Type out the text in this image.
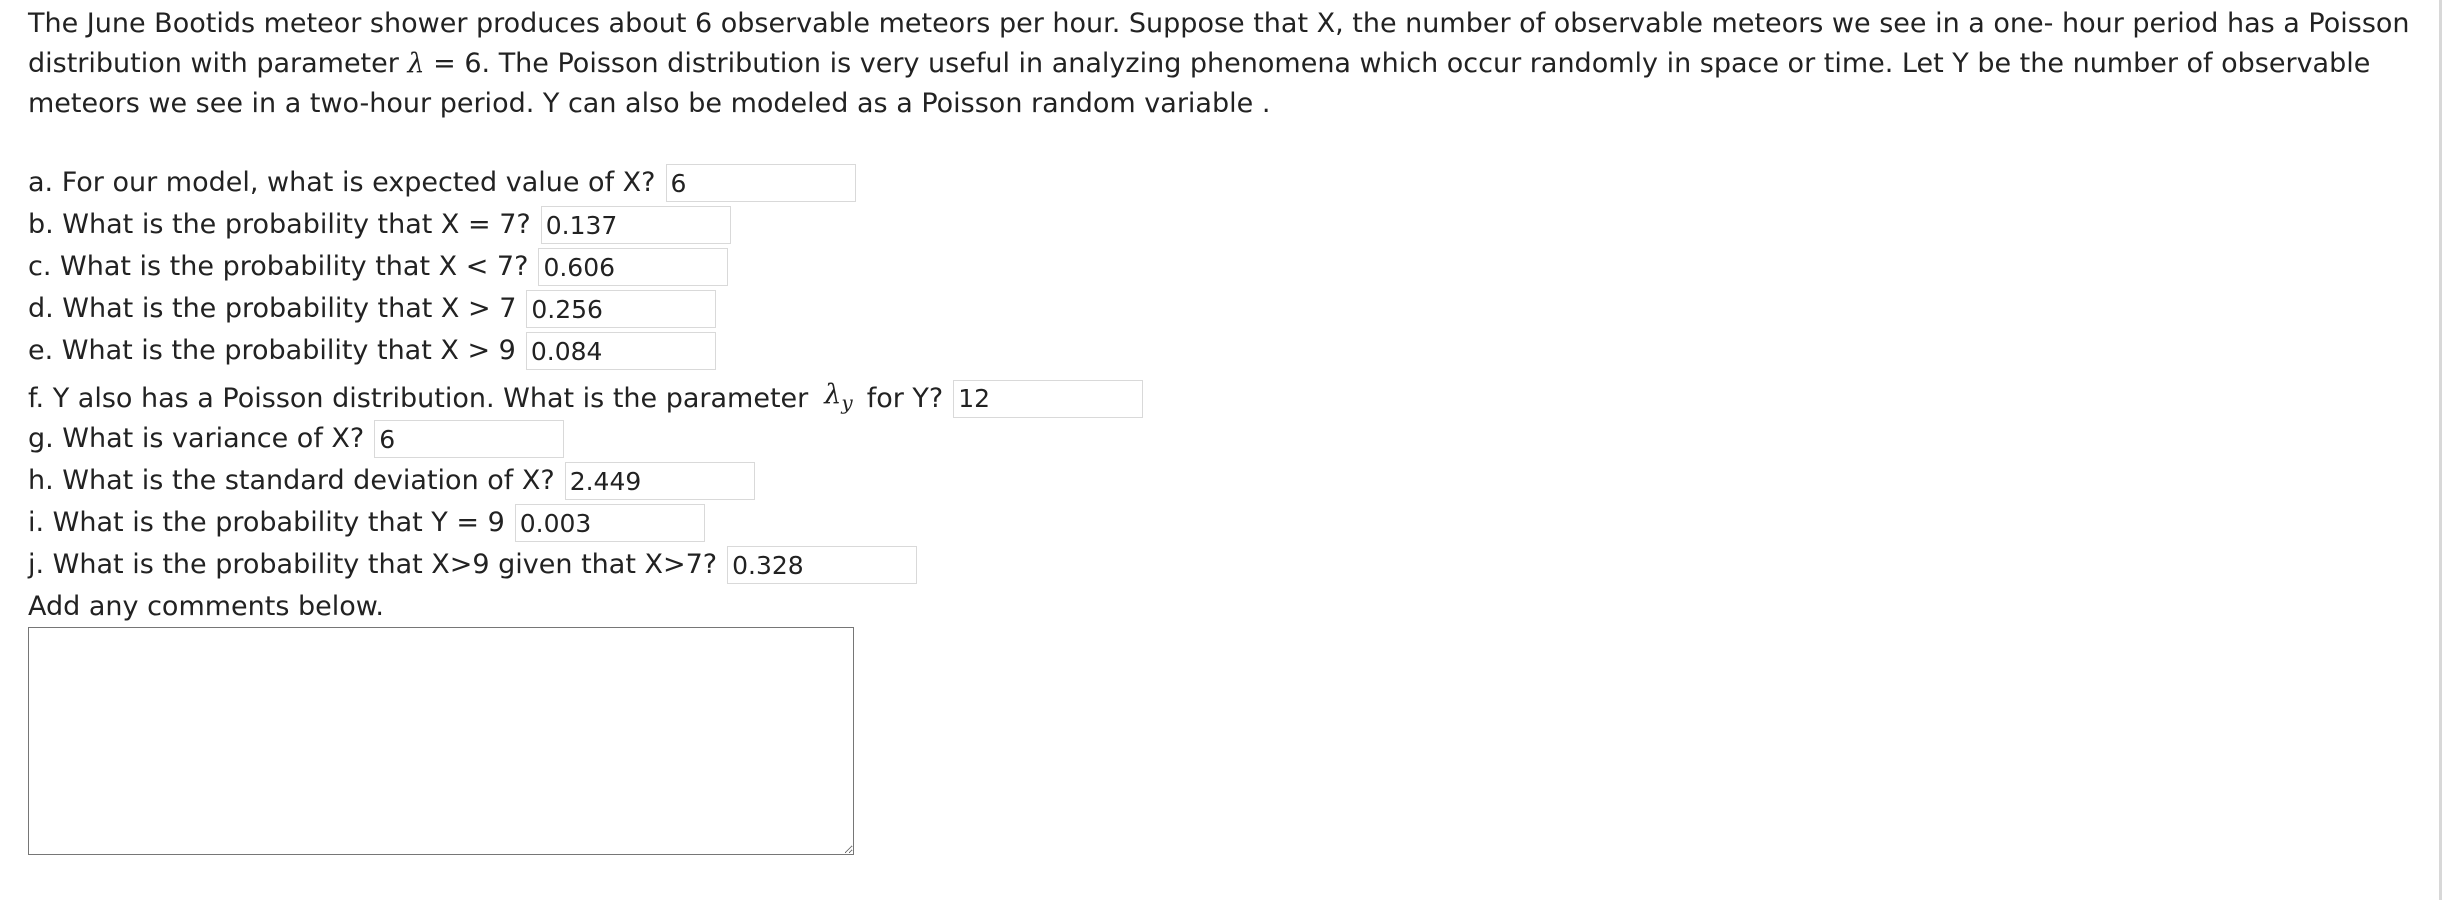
The June Bootids meteor shower produces about 6 observable meteors per hour. Suppose that X, the number of observable meteors we see in a one- hour period has a Poisson distribution with parameter λ = 6. The Poisson distribution is very useful in analyzing phenomena which occur randomly in space or time. Let Y be the number of observable meteors we see in a two-hour period. Y can also be modeled as a Poisson random variable .

a. For our model, what is expected value of X?
6
b. What is the probability that X = 7?
0.137
c. What is the probability that X < 7?
0.606
d. What is the probability that X > 7
0.256
e. What is the probability that X > 9
0.084
f. Y also has a Poisson distribution. What is the parameter $\lambda_y$ for Y?
12
g. What is variance of X?
6
h. What is the standard deviation of X?
2.449
i. What is the probability that Y = 9
0.003
j. What is the probability that X>9 given that X>7?
0.328
Add any comments below.
